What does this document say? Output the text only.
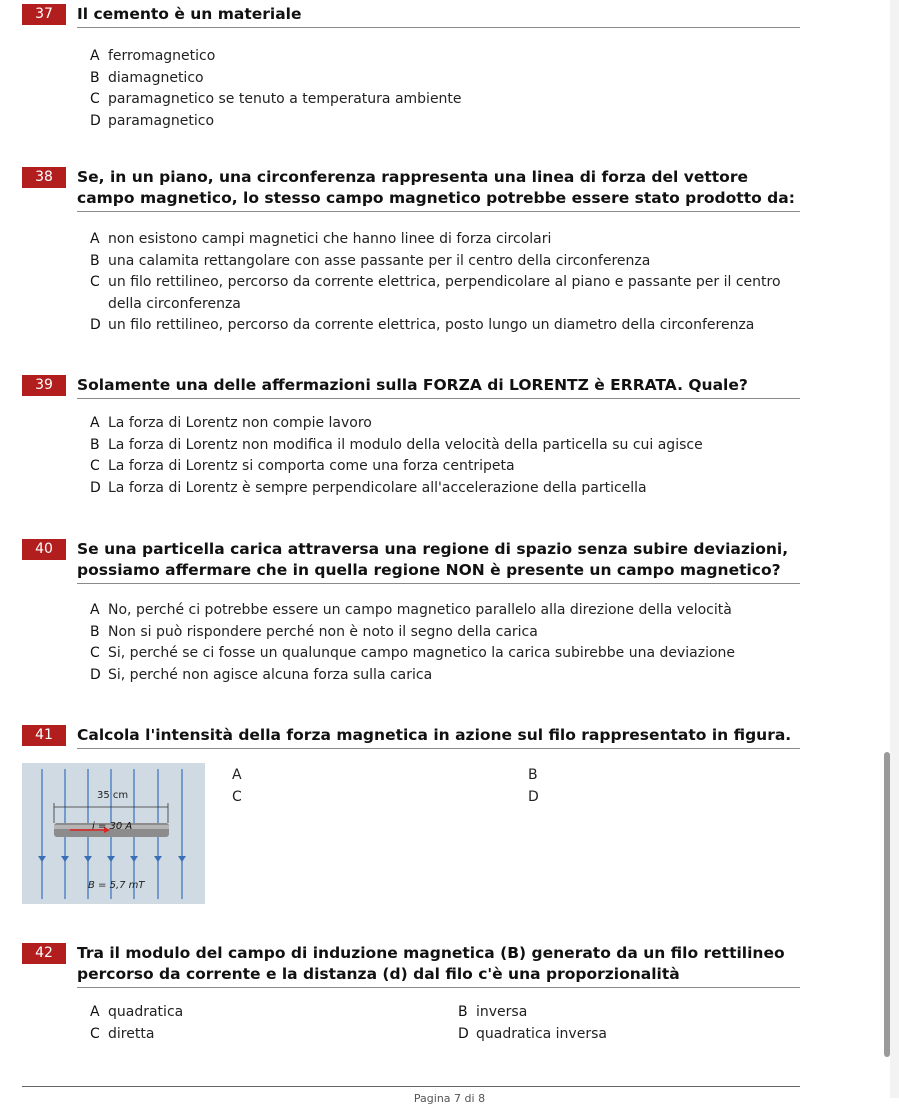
37	Il cemento è un materiale
A ferromagnetico
B diamagnetico
C paramagnetico se tenuto a temperatura ambiente
D paramagnetico
38	Se, in un piano, una circonferenza rappresenta una linea di forza del vettore campo magnetico, lo stesso campo magnetico potrebbe essere stato prodotto da:
A non esistono campi magnetici che hanno linee di forza circolari
B una calamita rettangolare con asse passante per il centro della circonferenza
C un filo rettilineo, percorso da corrente elettrica, perpendicolare al piano e passante per il centro della circonferenza
D un filo rettilineo, percorso da corrente elettrica, posto lungo un diametro della circonferenza
39	Solamente una delle affermazioni sulla FORZA di LORENTZ è ERRATA. Quale?
A La forza di Lorentz non compie lavoro
B La forza di Lorentz non modifica il modulo della velocità della particella su cui agisce
C La forza di Lorentz si comporta come una forza centripeta
D La forza di Lorentz è sempre perpendicolare all'accelerazione della particella
40	Se una particella carica attraversa una regione di spazio senza subire deviazioni, possiamo affermare che in quella regione NON è presente un campo magnetico?
A No, perché ci potrebbe essere un campo magnetico parallelo alla direzione della velocità
B Non si può rispondere perché non è noto il segno della carica
C Si, perché se ci fosse un qualunque campo magnetico la carica subirebbe una deviazione
D Si, perché non agisce alcuna forza sulla carica
41	Calcola l'intensità della forza magnetica in azione sul filo rappresentato in figura.
35 cm
i = 30 A
B = 5,7 mT
A	B
C	D
42	Tra il modulo del campo di induzione magnetica (B) generato da un filo rettilineo percorso da corrente e la distanza (d) dal filo c'è una proporzionalità
A quadratica	B inversa
C diretta	D quadratica inversa
Pagina 7 di 8
